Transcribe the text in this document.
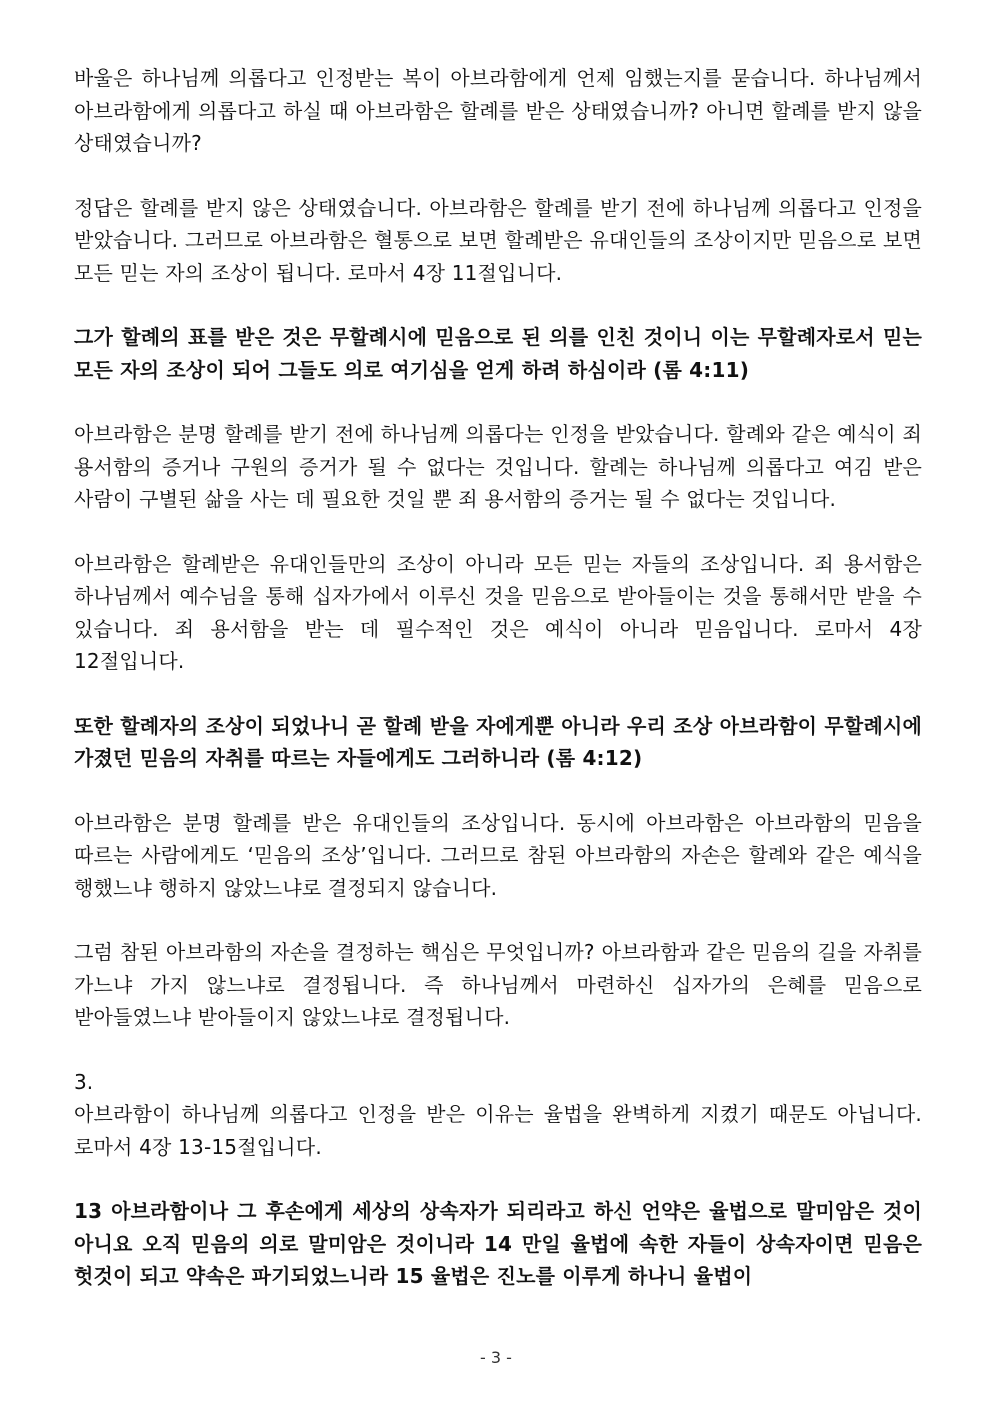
바울은 하나님께 의롭다고 인정받는 복이 아브라함에게 언제 임했는지를 묻습니다. 하나님께서 아브라함에게 의롭다고 하실 때 아브라함은 할례를 받은 상태였습니까? 아니면 할례를 받지 않을 상태였습니까?

정답은 할례를 받지 않은 상태였습니다. 아브라함은 할례를 받기 전에 하나님께 의롭다고 인정을 받았습니다. 그러므로 아브라함은 혈통으로 보면 할례받은 유대인들의 조상이지만 믿음으로 보면 모든 믿는 자의 조상이 됩니다. 로마서 4장 11절입니다.

그가 할례의 표를 받은 것은 무할례시에 믿음으로 된 의를 인친 것이니 이는 무할례자로서 믿는 모든 자의 조상이 되어 그들도 의로 여기심을 얻게 하려 하심이라 (롬 4:11)

아브라함은 분명 할례를 받기 전에 하나님께 의롭다는 인정을 받았습니다. 할례와 같은 예식이 죄 용서함의 증거나 구원의 증거가 될 수 없다는 것입니다. 할례는 하나님께 의롭다고 여김 받은 사람이 구별된 삶을 사는 데 필요한 것일 뿐 죄 용서함의 증거는 될 수 없다는 것입니다.

아브라함은 할례받은 유대인들만의 조상이 아니라 모든 믿는 자들의 조상입니다. 죄 용서함은 하나님께서 예수님을 통해 십자가에서 이루신 것을 믿음으로 받아들이는 것을 통해서만 받을 수 있습니다. 죄 용서함을 받는 데 필수적인 것은 예식이 아니라 믿음입니다. 로마서 4장 12절입니다.

또한 할례자의 조상이 되었나니 곧 할례 받을 자에게뿐 아니라 우리 조상 아브라함이 무할례시에 가졌던 믿음의 자취를 따르는 자들에게도 그러하니라 (롬 4:12)

아브라함은 분명 할례를 받은 유대인들의 조상입니다. 동시에 아브라함은 아브라함의 믿음을 따르는 사람에게도 ‘믿음의 조상’입니다. 그러므로 참된 아브라함의 자손은 할례와 같은 예식을 행했느냐 행하지 않았느냐로 결정되지 않습니다.

그럼 참된 아브라함의 자손을 결정하는 핵심은 무엇입니까? 아브라함과 같은 믿음의 길을 자취를 가느냐 가지 않느냐로 결정됩니다. 즉 하나님께서 마련하신 십자가의 은혜를 믿음으로 받아들였느냐 받아들이지 않았느냐로 결정됩니다.

3.

아브라함이 하나님께 의롭다고 인정을 받은 이유는 율법을 완벽하게 지켰기 때문도 아닙니다. 로마서 4장 13-15절입니다.

13 아브라함이나 그 후손에게 세상의 상속자가 되리라고 하신 언약은 율법으로 말미암은 것이 아니요 오직 믿음의 의로 말미암은 것이니라 14 만일 율법에 속한 자들이 상속자이면 믿음은 헛것이 되고 약속은 파기되었느니라 15 율법은 진노를 이루게 하나니 율법이

- 3 -
